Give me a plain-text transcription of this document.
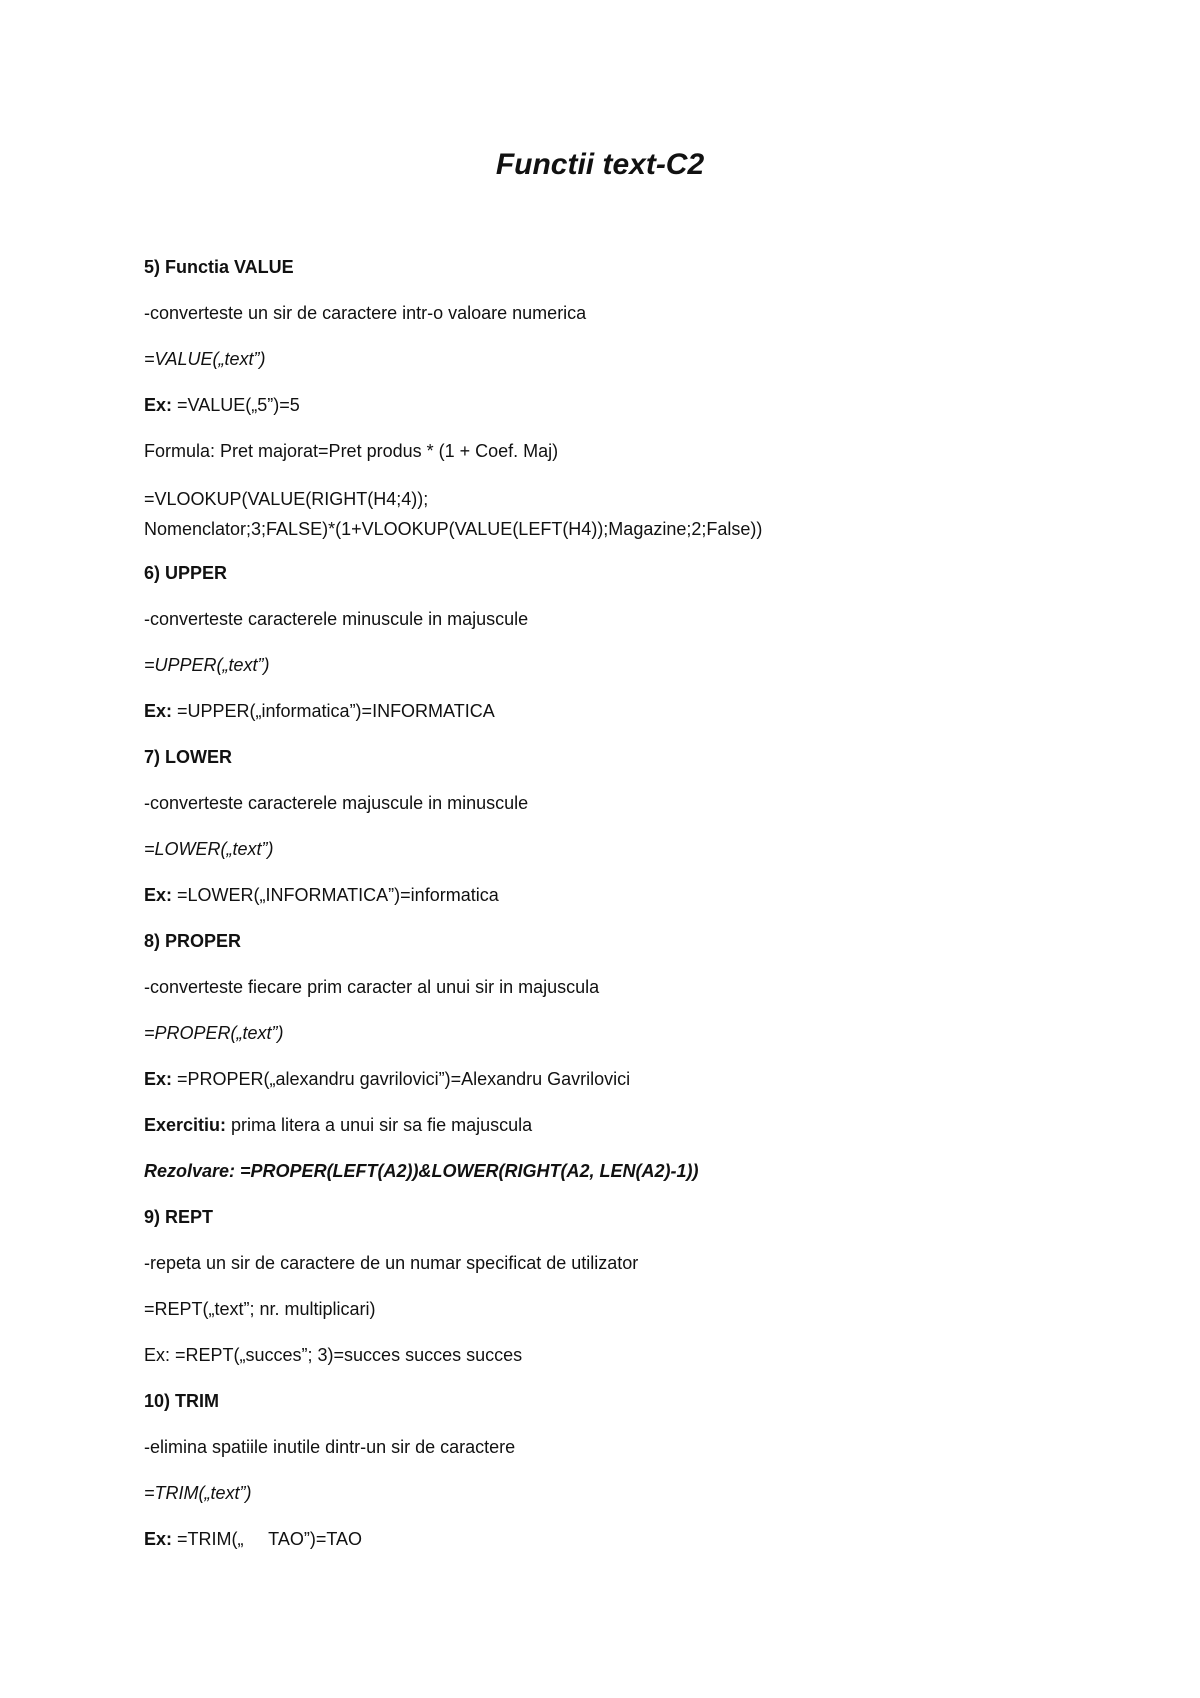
Functii text-C2
5) Functia VALUE
-converteste un sir de caractere intr-o valoare numerica
=VALUE(„text”)
Ex: =VALUE(„5”)=5
Formula: Pret majorat=Pret produs * (1 + Coef. Maj)
=VLOOKUP(VALUE(RIGHT(H4;4));
Nomenclator;3;FALSE)*(1+VLOOKUP(VALUE(LEFT(H4));Magazine;2;False))
6) UPPER
-converteste caracterele minuscule in majuscule
=UPPER(„text”)
Ex: =UPPER(„informatica”)=INFORMATICA
7) LOWER
-converteste caracterele majuscule in minuscule
=LOWER(„text”)
Ex: =LOWER(„INFORMATICA”)=informatica
8) PROPER
-converteste fiecare prim caracter al unui sir in majuscula
=PROPER(„text”)
Ex: =PROPER(„alexandru gavrilovici”)=Alexandru Gavrilovici
Exercitiu: prima litera a unui sir sa fie majuscula
Rezolvare: =PROPER(LEFT(A2))&LOWER(RIGHT(A2, LEN(A2)-1))
9) REPT
-repeta un sir de caractere de un numar specificat de utilizator
=REPT(„text”; nr. multiplicari)
Ex: =REPT(„succes”; 3)=succes succes succes
10) TRIM
-elimina spatiile inutile dintr-un sir de caractere
=TRIM(„text”)
Ex: =TRIM(„     TAO”)=TAO
